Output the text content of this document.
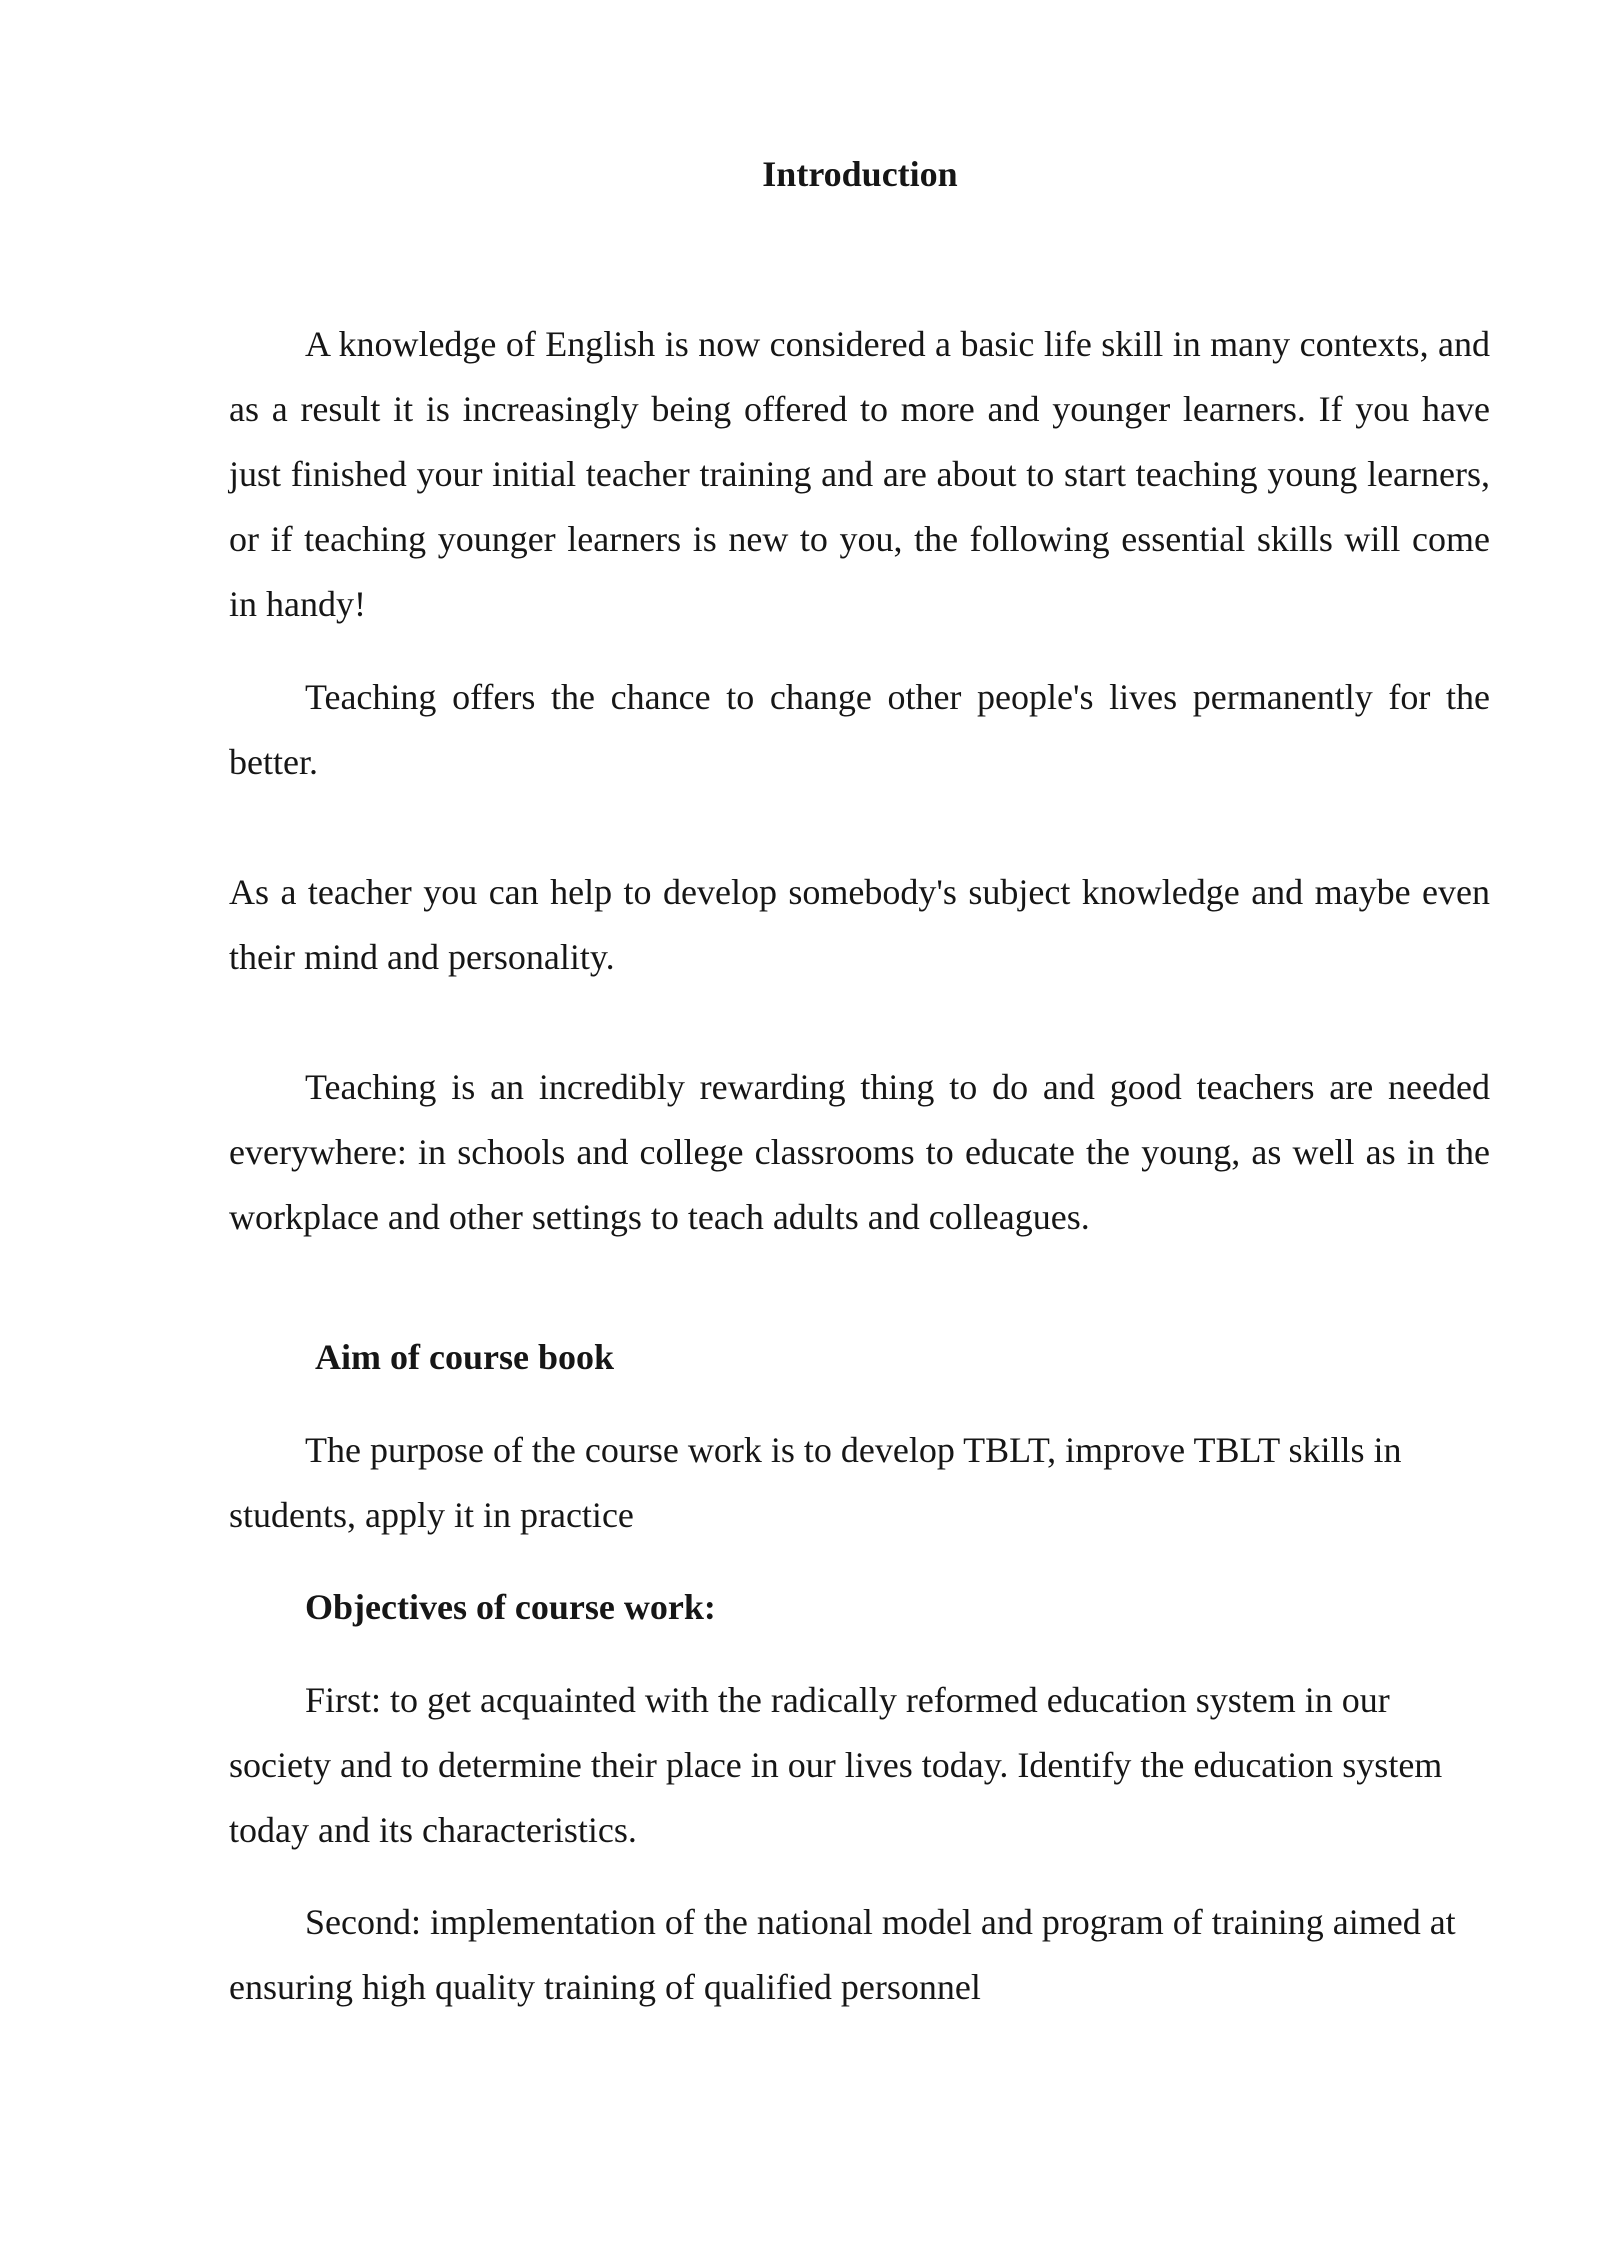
Introduction

A knowledge of English is now considered a basic life skill in many contexts, and as a result it is increasingly being offered to more and younger learners. If you have just finished your initial teacher training and are about to start teaching young learners, or if teaching younger learners is new to you, the following essential skills will come in handy!

Teaching offers the chance to change other people's lives permanently for the better.

As a teacher you can help to develop somebody's subject knowledge and maybe even their mind and personality.

Teaching is an incredibly rewarding thing to do and good teachers are needed everywhere: in schools and college classrooms to educate the young, as well as in the workplace and other settings to teach adults and colleagues.

Aim of course book

The purpose of the course work is to develop TBLT, improve TBLT skills in students, apply it in practice

Objectives of course work:

First: to get acquainted with the radically reformed education system in our society and to determine their place in our lives today. Identify the education system today and its characteristics.

Second: implementation of the national model and program of training aimed at ensuring high quality training of qualified personnel
